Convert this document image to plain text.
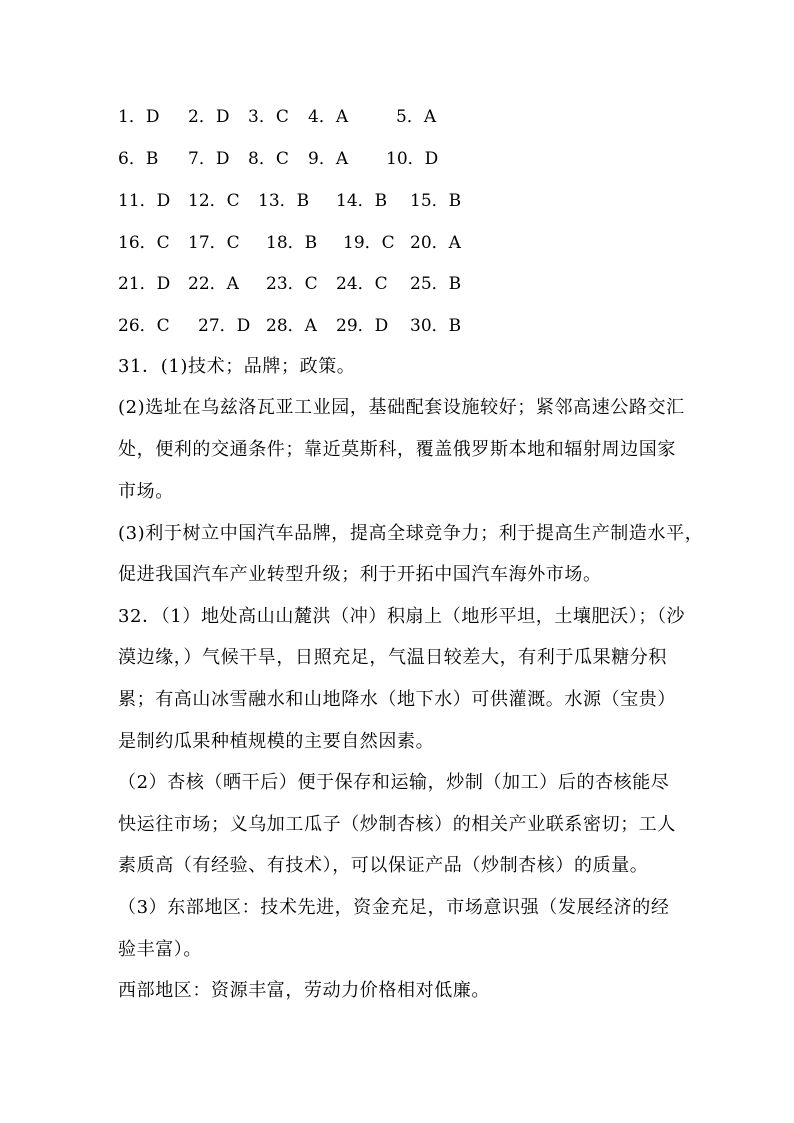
1．D 2．D 3．C 4．A	5．A
6．B 7．D 8．C 9．A 10．D
11．D 12．C 13．B 14．B 15．B
16．C 17．C 18．B 19．C 20．A
21．D 22．A 23．C 24．C 25．B
26．C 27．D 28．A 29．D 30．B
31．(1)技术；品牌；政策。
(2)选址在乌兹洛瓦亚工业园，基础配套设施较好；紧邻高速公路交汇
处，便利的交通条件；靠近莫斯科，覆盖俄罗斯本地和辐射周边国家
市场。
(3)利于树立中国汽车品牌，提高全球竞争力；利于提高生产制造水平，
促进我国汽车产业转型升级；利于开拓中国汽车海外市场。
32．（1）地处高山山麓洪（冲）积扇上（地形平坦，土壤肥沃）；（沙
漠边缘，）气候干旱，日照充足，气温日较差大，有利于瓜果糖分积
累；有高山冰雪融水和山地降水（地下水）可供灌溉。水源（宝贵）
是制约瓜果种植规模的主要自然因素。
（2）杏核（晒干后）便于保存和运输，炒制（加工）后的杏核能尽
快运往市场；义乌加工瓜子（炒制杏核）的相关产业联系密切；工人
素质高（有经验、有技术），可以保证产品（炒制杏核）的质量。
（3）东部地区：技术先进，资金充足，市场意识强（发展经济的经
验丰富）。
西部地区：资源丰富，劳动力价格相对低廉。
